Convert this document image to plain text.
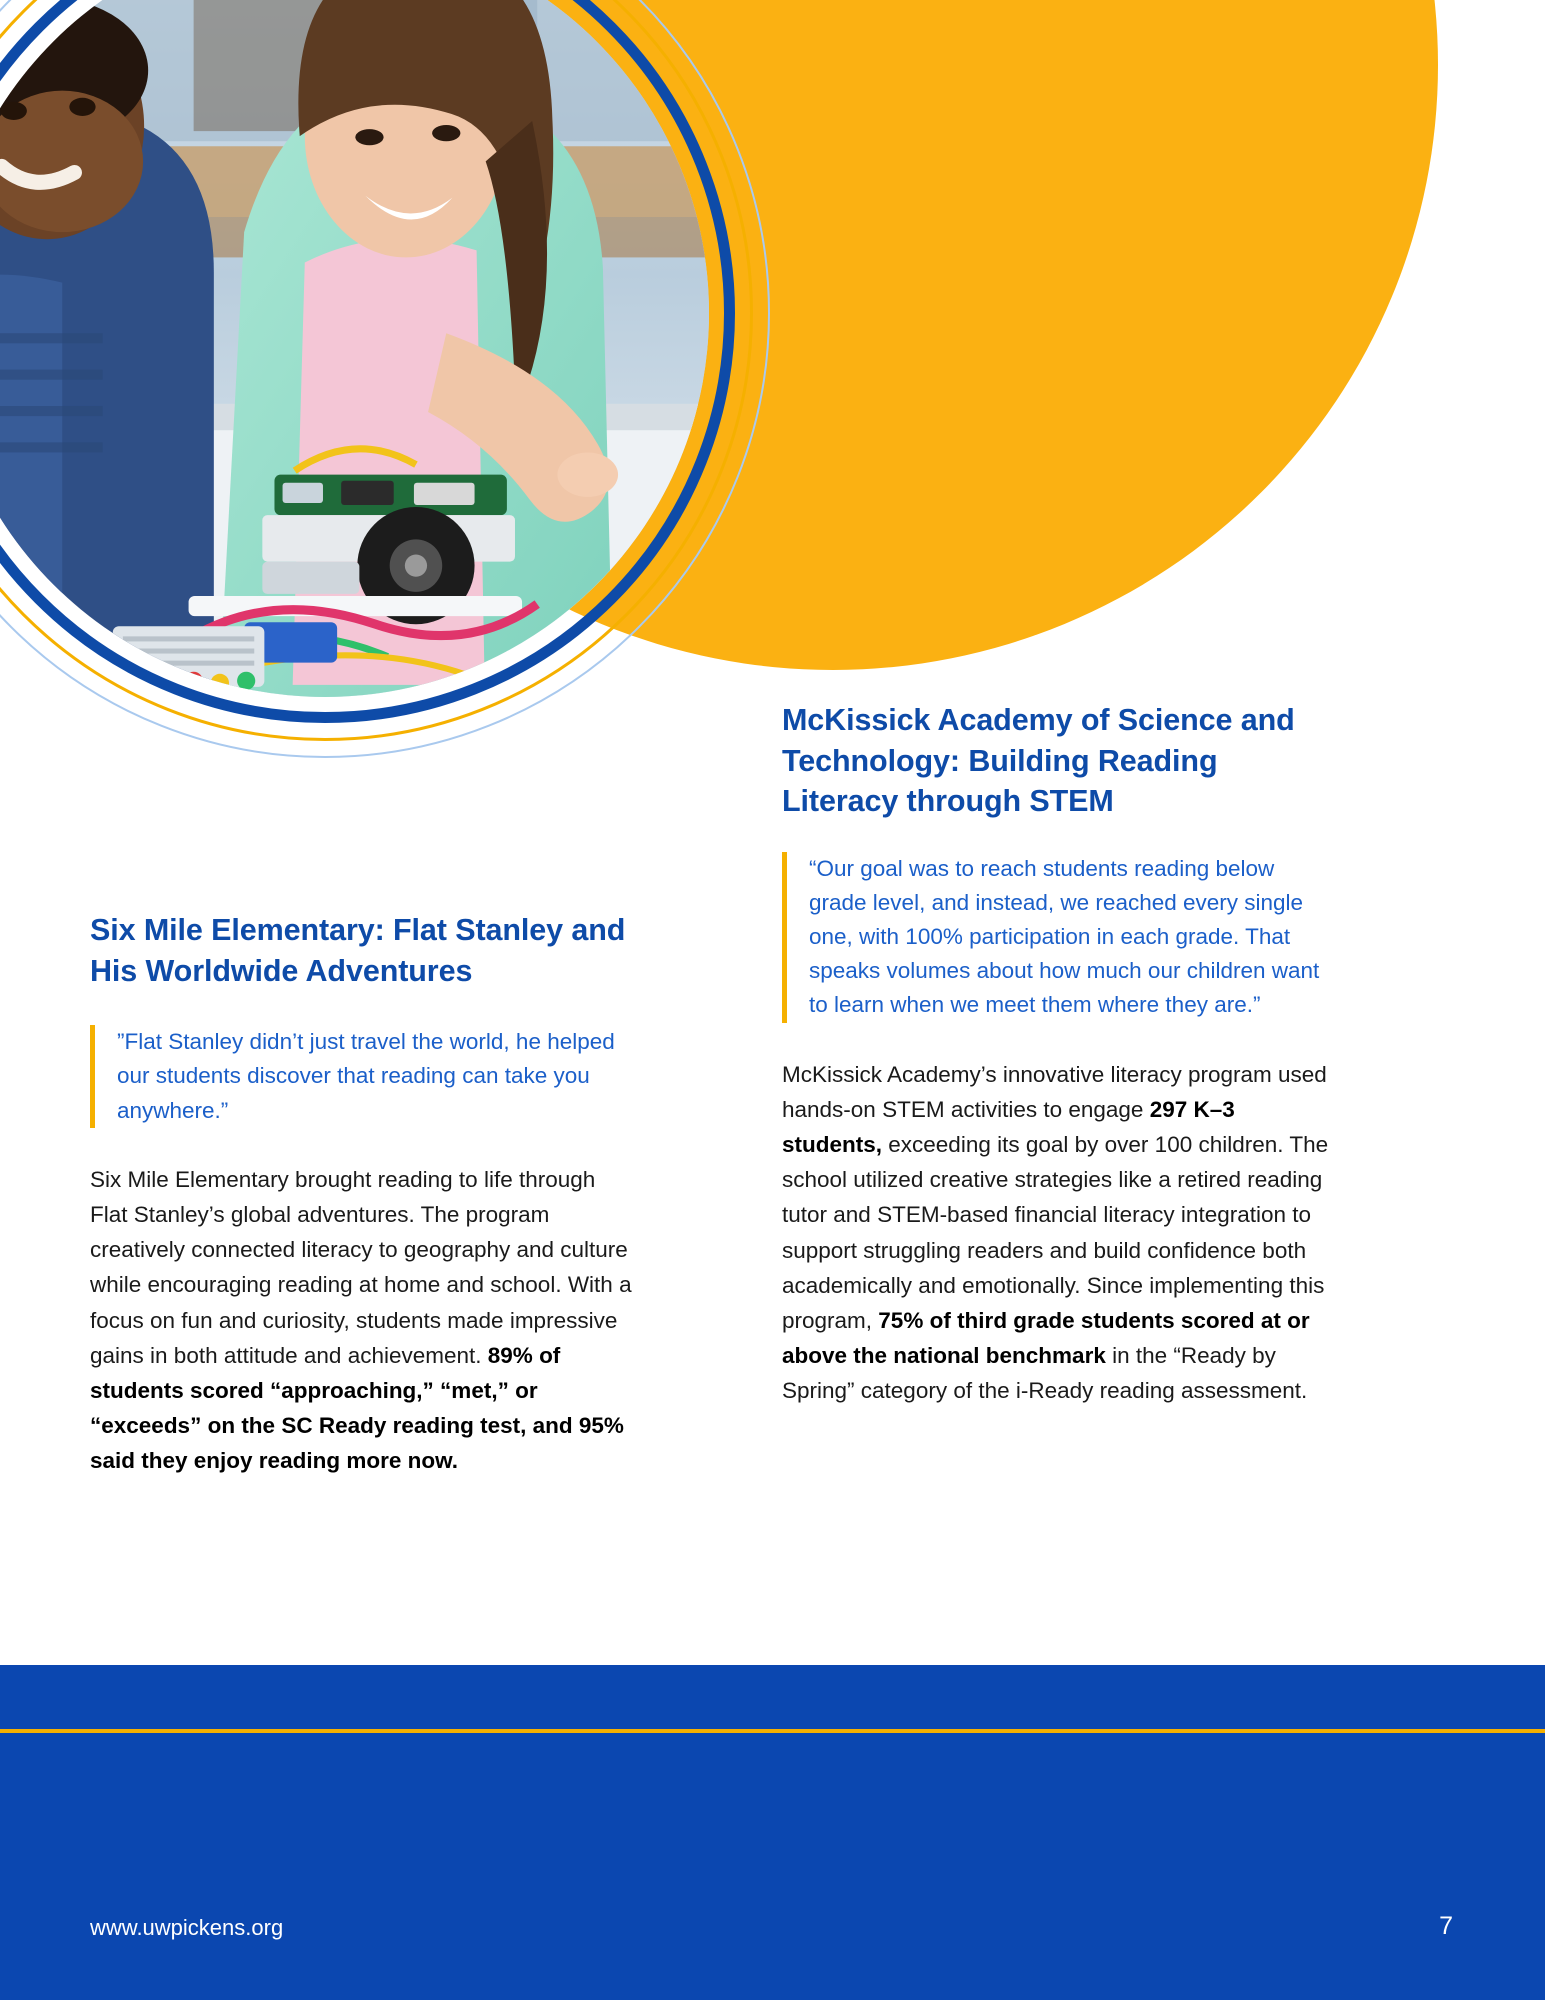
Six Mile Elementary: Flat Stanley and His Worldwide Adventures
”Flat Stanley didn’t just travel the world, he helped our students discover that reading can take you anywhere.”

Six Mile Elementary brought reading to life through Flat Stanley’s global adventures. The program creatively connected literacy to geography and culture while encouraging reading at home and school. With a focus on fun and curiosity, students made impressive gains in both attitude and achievement. 89% of students scored “approaching,” “met,” or “exceeds” on the SC Ready reading test, and 95% said they enjoy reading more now.

McKissick Academy of Science and Technology: Building Reading Literacy through STEM
“Our goal was to reach students reading below grade level, and instead, we reached every single one, with 100% participation in each grade. That speaks volumes about how much our children want to learn when we meet them where they are.”

McKissick Academy’s innovative literacy program used hands-on STEM activities to engage 297 K–3 students, exceeding its goal by over 100 children. The school utilized creative strategies like a retired reading tutor and STEM-based financial literacy integration to support struggling readers and build confidence both academically and emotionally. Since implementing this program, 75% of third grade students scored at or above the national benchmark in the “Ready by Spring” category of the i-Ready reading assessment.

www.uwpickens.org	7
